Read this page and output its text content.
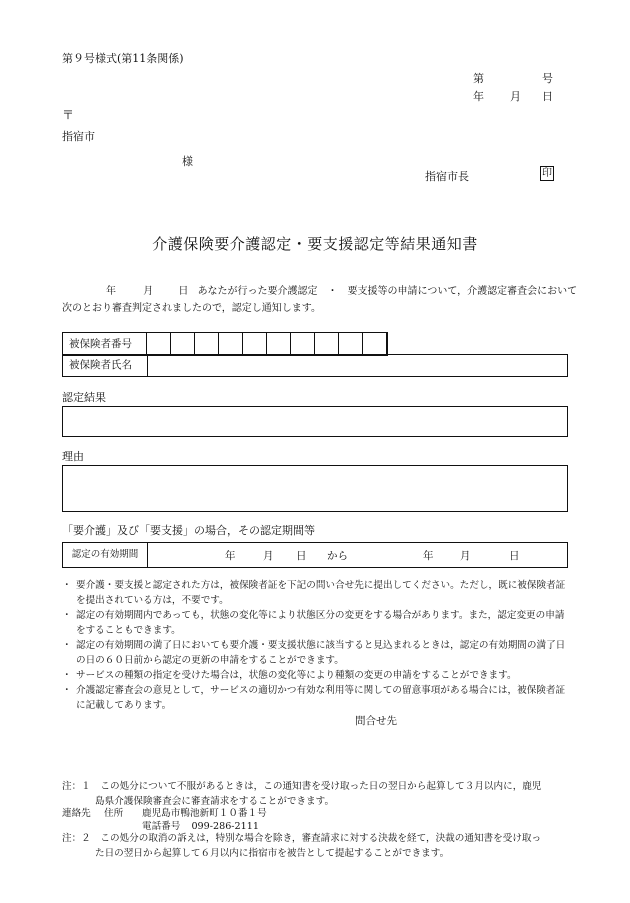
第９号様式(第11条関係)
第	号
年 月 日
〒
指宿市
様
指宿市長	印
介護保険要介護認定・要支援認定等結果通知書
年	月	日 あなたが行った要介護認定　・　要支援等の申請について，介護認定審査会において
次のとおり審査判定されましたので，認定し通知します。
被保険者番号
被保険者氏名
認定結果
理由
「要介護」及び「要支援」の場合，その認定期間等
認定の有効期間	年	月 日 から	年	月	日
・ 要介護・要支援と認定された方は，被保険者証を下記の問い合せ先に提出してください。ただし，既に被保険者証を提出されている方は，不要です。
・ 認定の有効期間内であっても，状態の変化等により状態区分の変更をする場合があります。また，認定変更の申請をすることもできます。
・ 認定の有効期間の満了日においても要介護・要支援状態に該当すると見込まれるときは，認定の有効期間の満了日の日の６０日前から認定の更新の申請をすることができます。
・ サービスの種類の指定を受けた場合は，状態の変化等により種類の変更の申請をすることができます。
・ 介護認定審査会の意見として，サービスの適切かつ有効な利用等に関しての留意事項がある場合には，被保険者証に記載してあります。
問合せ先
注：１　この処分について不服があるときは，この通知書を受け取った日の翌日から起算して３月以内に，鹿児
島県介護保険審査会に審査請求をすることができます。
連絡先 住所 鹿児島市鴨池新町１０番１号
電話番号 099-286-2111
注：２　この処分の取消の訴えは，特別な場合を除き，審査請求に対する決裁を経て，決裁の通知書を受け取っ
た日の翌日から起算して６月以内に指宿市を被告として提起することができます。
